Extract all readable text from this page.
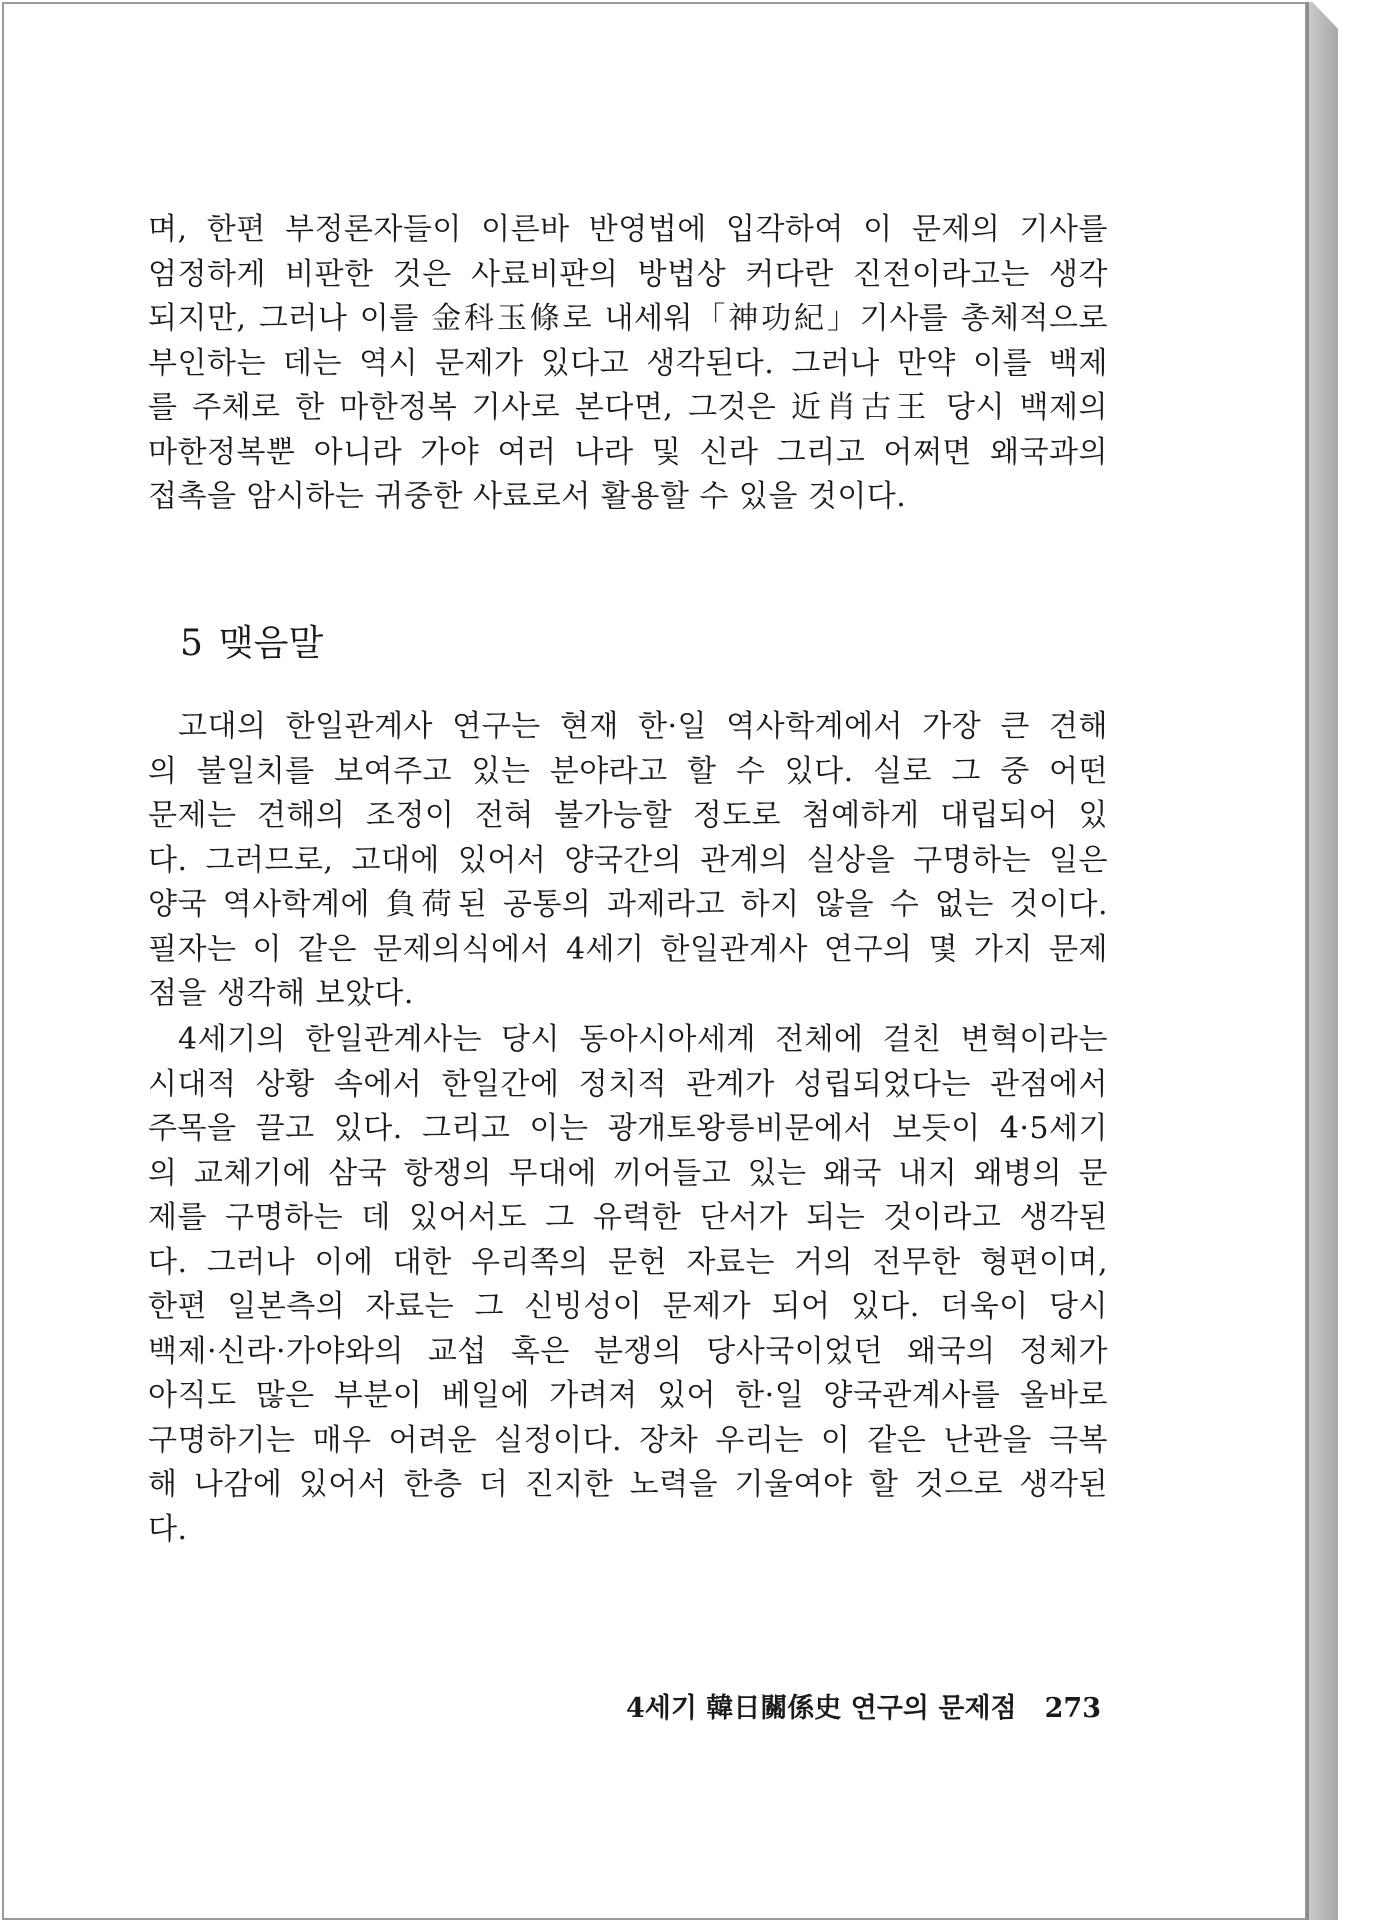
며, 한편 부정론자들이 이른바 반영법에 입각하여 이 문제의 기사를
엄정하게 비판한 것은 사료비판의 방법상 커다란 진전이라고는 생각
되지만, 그러나 이를 金科玉條로 내세워「神功紀」기사를 총체적으로
부인하는 데는 역시 문제가 있다고 생각된다. 그러나 만약 이를 백제
를 주체로 한 마한정복 기사로 본다면, 그것은 近肖古王 당시 백제의
마한정복뿐 아니라 가야 여러 나라 및 신라 그리고 어쩌면 왜국과의
접촉을 암시하는 귀중한 사료로서 활용할 수 있을 것이다.
5 맺음말
고대의 한일관계사 연구는 현재 한·일 역사학계에서 가장 큰 견해
의 불일치를 보여주고 있는 분야라고 할 수 있다. 실로 그 중 어떤
문제는 견해의 조정이 전혀 불가능할 정도로 첨예하게 대립되어 있
다. 그러므로, 고대에 있어서 양국간의 관계의 실상을 구명하는 일은
양국 역사학계에 負荷된 공통의 과제라고 하지 않을 수 없는 것이다.
필자는 이 같은 문제의식에서 4세기 한일관계사 연구의 몇 가지 문제
점을 생각해 보았다.
4세기의 한일관계사는 당시 동아시아세계 전체에 걸친 변혁이라는
시대적 상황 속에서 한일간에 정치적 관계가 성립되었다는 관점에서
주목을 끌고 있다. 그리고 이는 광개토왕릉비문에서 보듯이 4·5세기
의 교체기에 삼국 항쟁의 무대에 끼어들고 있는 왜국 내지 왜병의 문
제를 구명하는 데 있어서도 그 유력한 단서가 되는 것이라고 생각된
다. 그러나 이에 대한 우리쪽의 문헌 자료는 거의 전무한 형편이며,
한편 일본측의 자료는 그 신빙성이 문제가 되어 있다. 더욱이 당시
백제·신라·가야와의 교섭 혹은 분쟁의 당사국이었던 왜국의 정체가
아직도 많은 부분이 베일에 가려져 있어 한·일 양국관계사를 올바로
구명하기는 매우 어려운 실정이다. 장차 우리는 이 같은 난관을 극복
해 나감에 있어서 한층 더 진지한 노력을 기울여야 할 것으로 생각된
다.
4세기 韓日關係史 연구의 문제점 273
